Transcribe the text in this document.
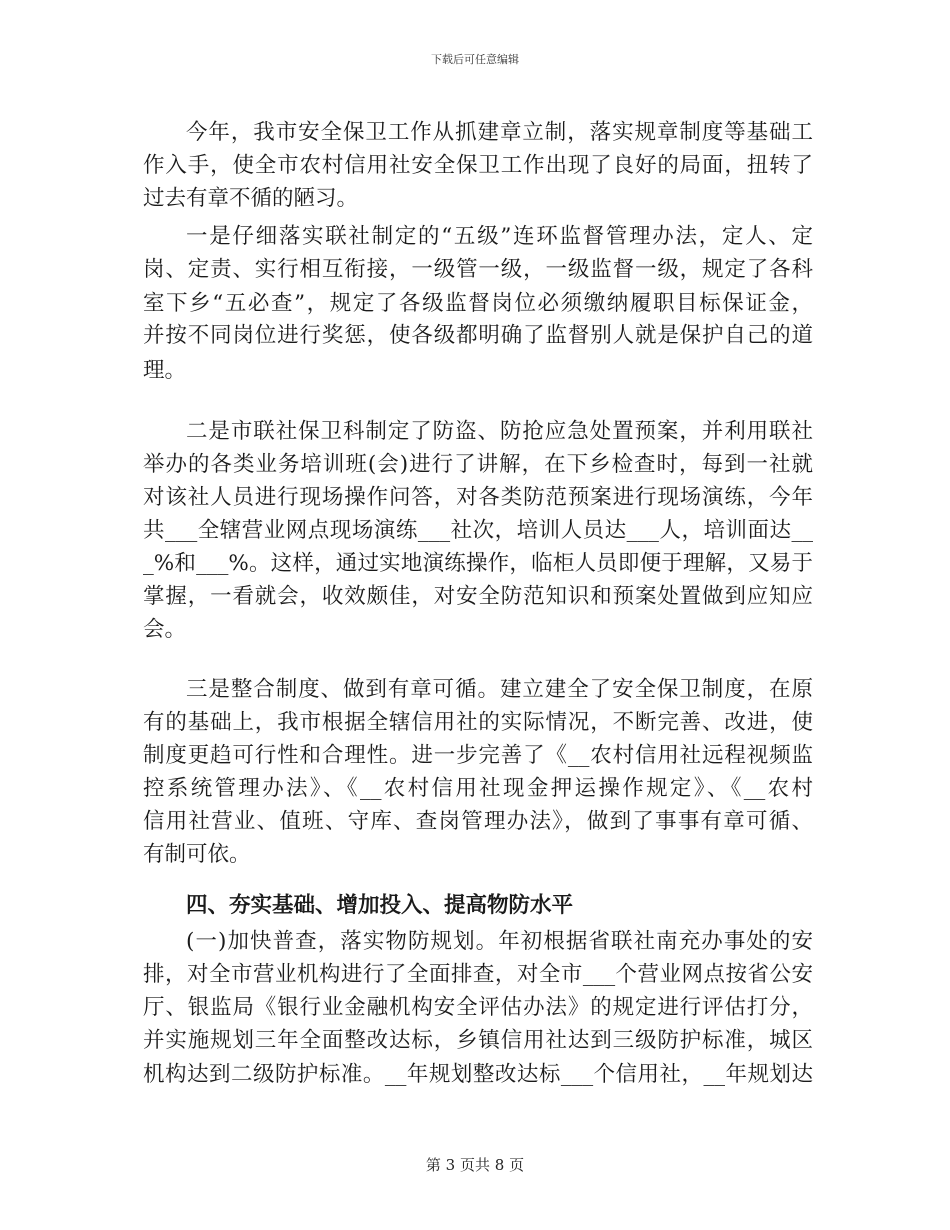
下载后可任意编辑
今年，我市安全保卫工作从抓建章立制，落实规章制度等基础工
作入手，使全市农村信用社安全保卫工作出现了良好的局面，扭转了
过去有章不循的陋习。
一是仔细落实联社制定的“五级”连环监督管理办法，定人、定
岗、定责、实行相互衔接，一级管一级，一级监督一级，规定了各科
室下乡“五必查”，规定了各级监督岗位必须缴纳履职目标保证金，
并按不同岗位进行奖惩，使各级都明确了监督别人就是保护自己的道
理。
二是市联社保卫科制定了防盗、防抢应急处置预案，并利用联社
举办的各类业务培训班(会)进行了讲解，在下乡检查时，每到一社就
对该社人员进行现场操作问答，对各类防范预案进行现场演练，今年
共___全辖营业网点现场演练___社次，培训人员达___人，培训面达__
_%和___%。这样，通过实地演练操作，临柜人员即便于理解，又易于
掌握，一看就会，收效颇佳，对安全防范知识和预案处置做到应知应
会。
三是整合制度、做到有章可循。建立建全了安全保卫制度，在原
有的基础上，我市根据全辖信用社的实际情况，不断完善、改进，使
制度更趋可行性和合理性。进一步完善了《__农村信用社远程视频监
控系统管理办法》、《__农村信用社现金押运操作规定》、《__农村
信用社营业、值班、守库、查岗管理办法》，做到了事事有章可循、
有制可依。
四、夯实基础、增加投入、提高物防水平
(一)加快普查，落实物防规划。年初根据省联社南充办事处的安
排，对全市营业机构进行了全面排查，对全市___个营业网点按省公安
厅、银监局《银行业金融机构安全评估办法》的规定进行评估打分，
并实施规划三年全面整改达标，乡镇信用社达到三级防护标准，城区
机构达到二级防护标准。__年规划整改达标___个信用社，__年规划达
第 3 页共 8 页
